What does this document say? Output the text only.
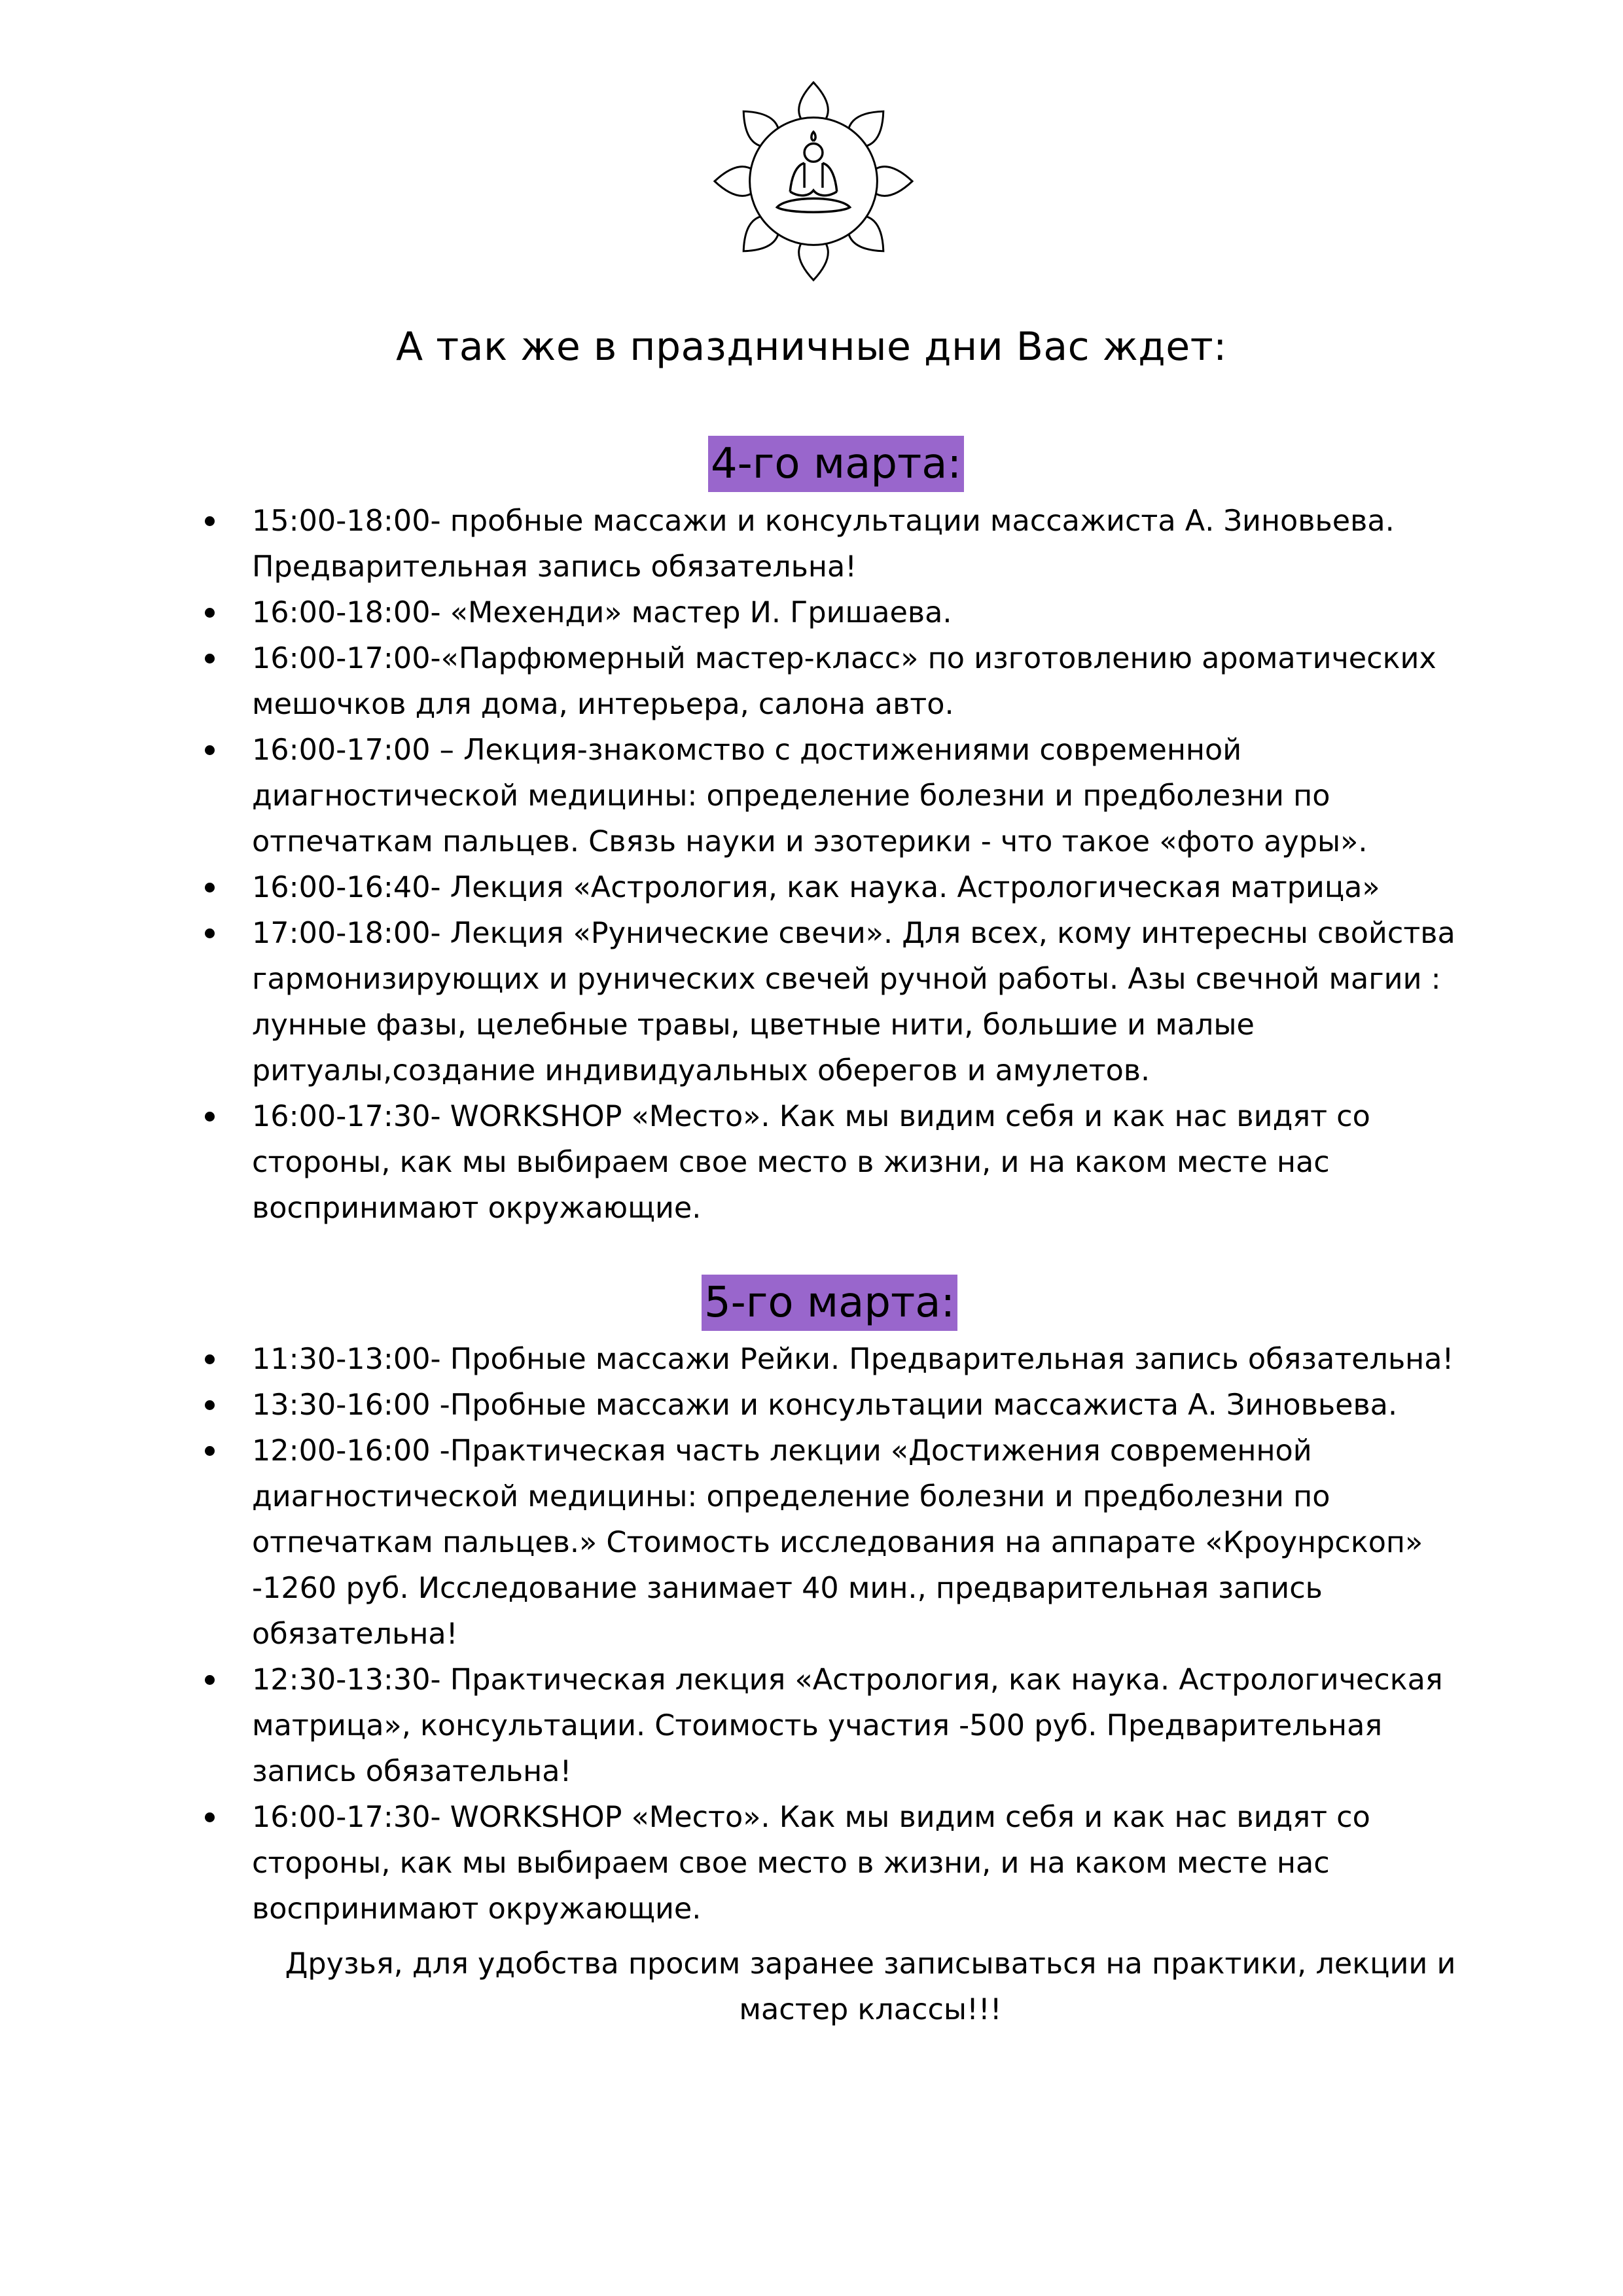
А так же в праздничные дни Вас ждет:
4-го марта:
15:00-18:00- пробные массажи и консультации массажиста А. Зиновьева.
Предварительная запись обязательна!
16:00-18:00- «Мехенди» мастер И. Гришаева.
16:00-17:00-«Парфюмерный мастер-класс» по изготовлению ароматических
мешочков для дома, интерьера, салона авто.
16:00-17:00 – Лекция-знакомство с достижениями современной
диагностической медицины: определение болезни и предболезни по
отпечаткам пальцев. Связь науки и эзотерики - что такое «фото ауры».
16:00-16:40- Лекция «Астрология, как наука. Астрологическая матрица»
17:00-18:00- Лекция «Рунические свечи». Для всех, кому интересны свойства
гармонизирующих и рунических свечей ручной работы. Азы свечной магии :
лунные фазы, целебные травы, цветные нити, большие и малые
ритуалы,создание индивидуальных оберегов и амулетов.
16:00-17:30- WORKSHOP «Место». Как мы видим себя и как нас видят со
стороны, как мы выбираем свое место в жизни, и на каком месте нас
воспринимают окружающие.
5-го марта:
11:30-13:00- Пробные массажи Рейки. Предварительная запись обязательна!
13:30-16:00 -Пробные массажи и консультации массажиста А. Зиновьева.
12:00-16:00 -Практическая часть лекции «Достижения современной
диагностической медицины: определение болезни и предболезни по
отпечаткам пальцев.» Стоимость исследования на аппарате «Кроунрскоп»
-1260 руб. Исследование занимает 40 мин., предварительная запись
обязательна!
12:30-13:30- Практическая лекция «Астрология, как наука. Астрологическая
матрица», консультации. Стоимость участия -500 руб. Предварительная
запись обязательна!
16:00-17:30- WORKSHOP «Место». Как мы видим себя и как нас видят со
стороны, как мы выбираем свое место в жизни, и на каком месте нас
воспринимают окружающие.
Друзья, для удобства просим заранее записываться на практики, лекции и
мастер классы!!!
